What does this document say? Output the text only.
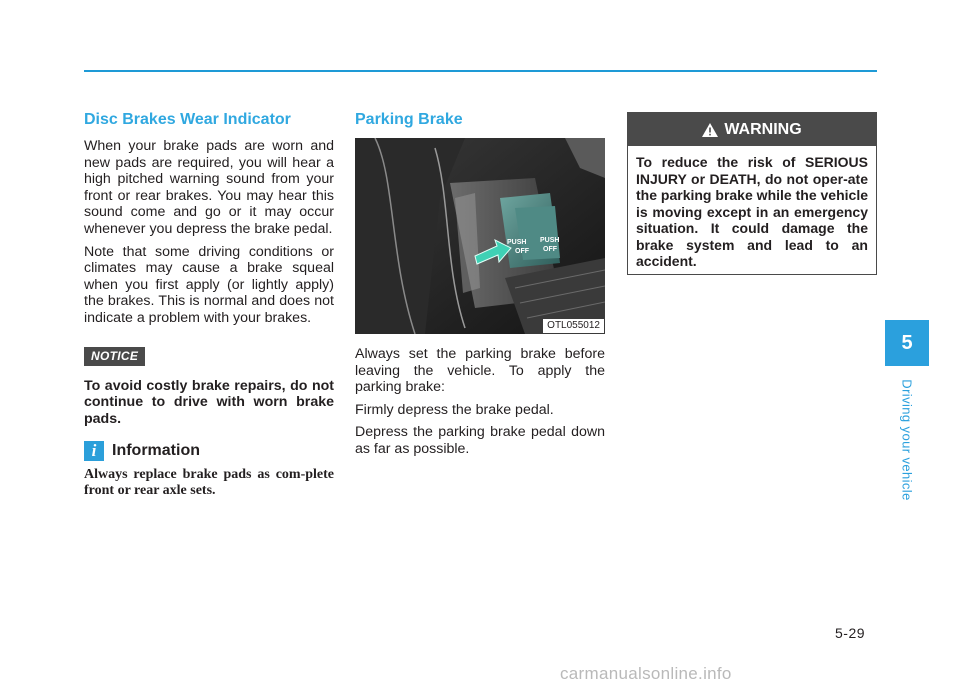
Disc Brakes Wear Indicator

When your brake pads are worn and new pads are required, you will hear a high pitched warning sound from your front or rear brakes. You may hear this sound come and go or it may occur whenever you depress the brake pedal.

Note that some driving conditions or climates may cause a brake squeal when you first apply (or lightly apply) the brakes. This is normal and does not indicate a problem with your brakes.

NOTICE

To avoid costly brake repairs, do not continue to drive with worn brake pads.

i Information

Always replace brake pads as com-plete front or rear axle sets.

Parking Brake
PUSH
OFF
PUSH
OFF
OTL055012

Always set the parking brake before leaving the vehicle. To apply the parking brake:

Firmly depress the brake pedal.

Depress the parking brake pedal down as far as possible.

WARNING

To reduce the risk of SERIOUS INJURY or DEATH, do not oper-ate the parking brake while the vehicle is moving except in an emergency situation. It could damage the brake system and lead to an accident.

5
Driving your vehicle
5-29
carmanualsonline.info
